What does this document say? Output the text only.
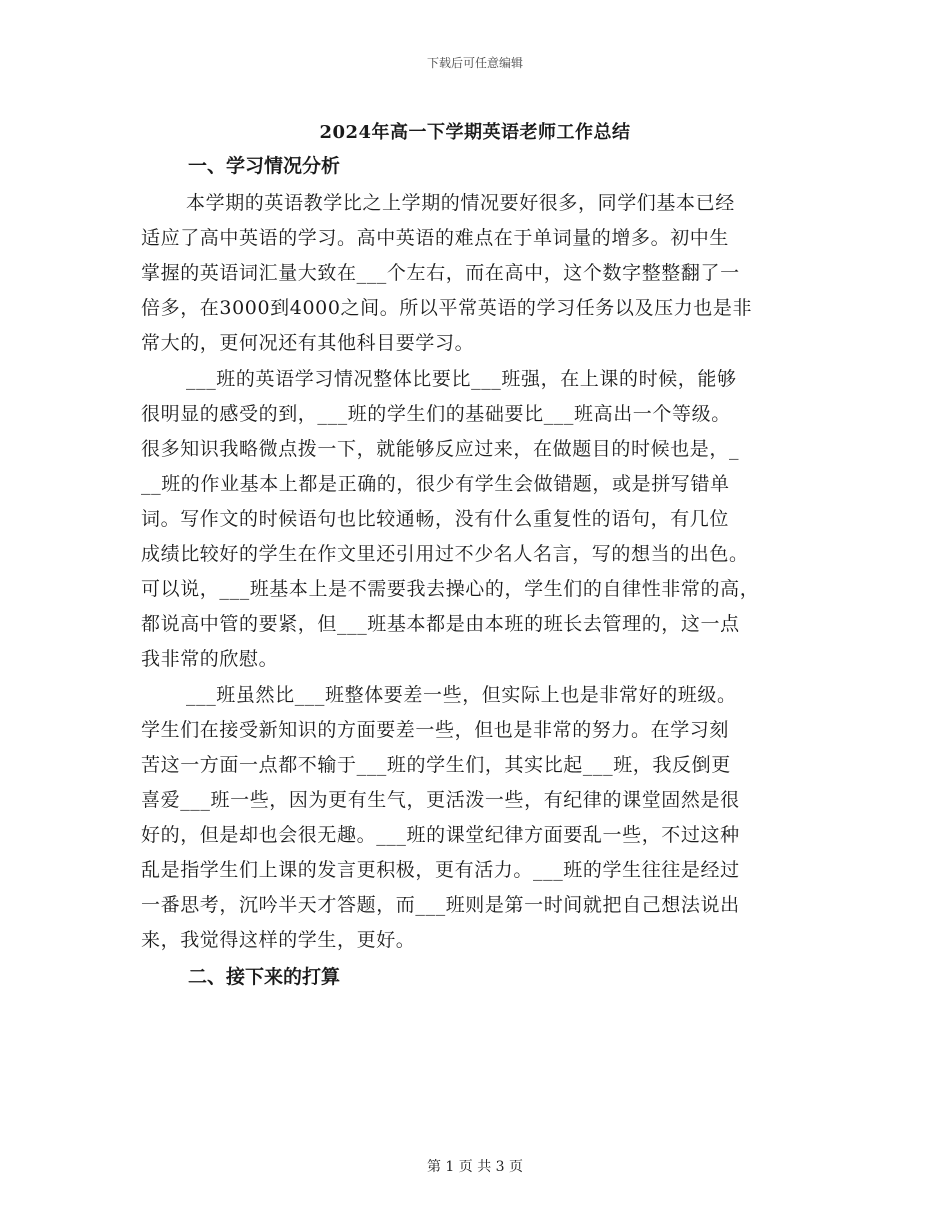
下载后可任意编辑
2024年高一下学期英语老师工作总结
一、学习情况分析
本学期的英语教学比之上学期的情况要好很多，同学们基本已经
适应了高中英语的学习。高中英语的难点在于单词量的增多。初中生
掌握的英语词汇量大致在___个左右，而在高中，这个数字整整翻了一
倍多，在3000到4000之间。所以平常英语的学习任务以及压力也是非
常大的，更何况还有其他科目要学习。
___班的英语学习情况整体比要比___班强，在上课的时候，能够
很明显的感受的到，___班的学生们的基础要比___班高出一个等级。
很多知识我略微点拨一下，就能够反应过来，在做题目的时候也是，_
__班的作业基本上都是正确的，很少有学生会做错题，或是拼写错单
词。写作文的时候语句也比较通畅，没有什么重复性的语句，有几位
成绩比较好的学生在作文里还引用过不少名人名言，写的想当的出色。
可以说，___班基本上是不需要我去操心的，学生们的自律性非常的高，
都说高中管的要紧，但___班基本都是由本班的班长去管理的，这一点
我非常的欣慰。
___班虽然比___班整体要差一些，但实际上也是非常好的班级。
学生们在接受新知识的方面要差一些，但也是非常的努力。在学习刻
苦这一方面一点都不输于___班的学生们，其实比起___班，我反倒更
喜爱___班一些，因为更有生气，更活泼一些，有纪律的课堂固然是很
好的，但是却也会很无趣。___班的课堂纪律方面要乱一些，不过这种
乱是指学生们上课的发言更积极，更有活力。___班的学生往往是经过
一番思考，沉吟半天才答题，而___班则是第一时间就把自己想法说出
来，我觉得这样的学生，更好。
二、接下来的打算
第 1 页 共 3 页
